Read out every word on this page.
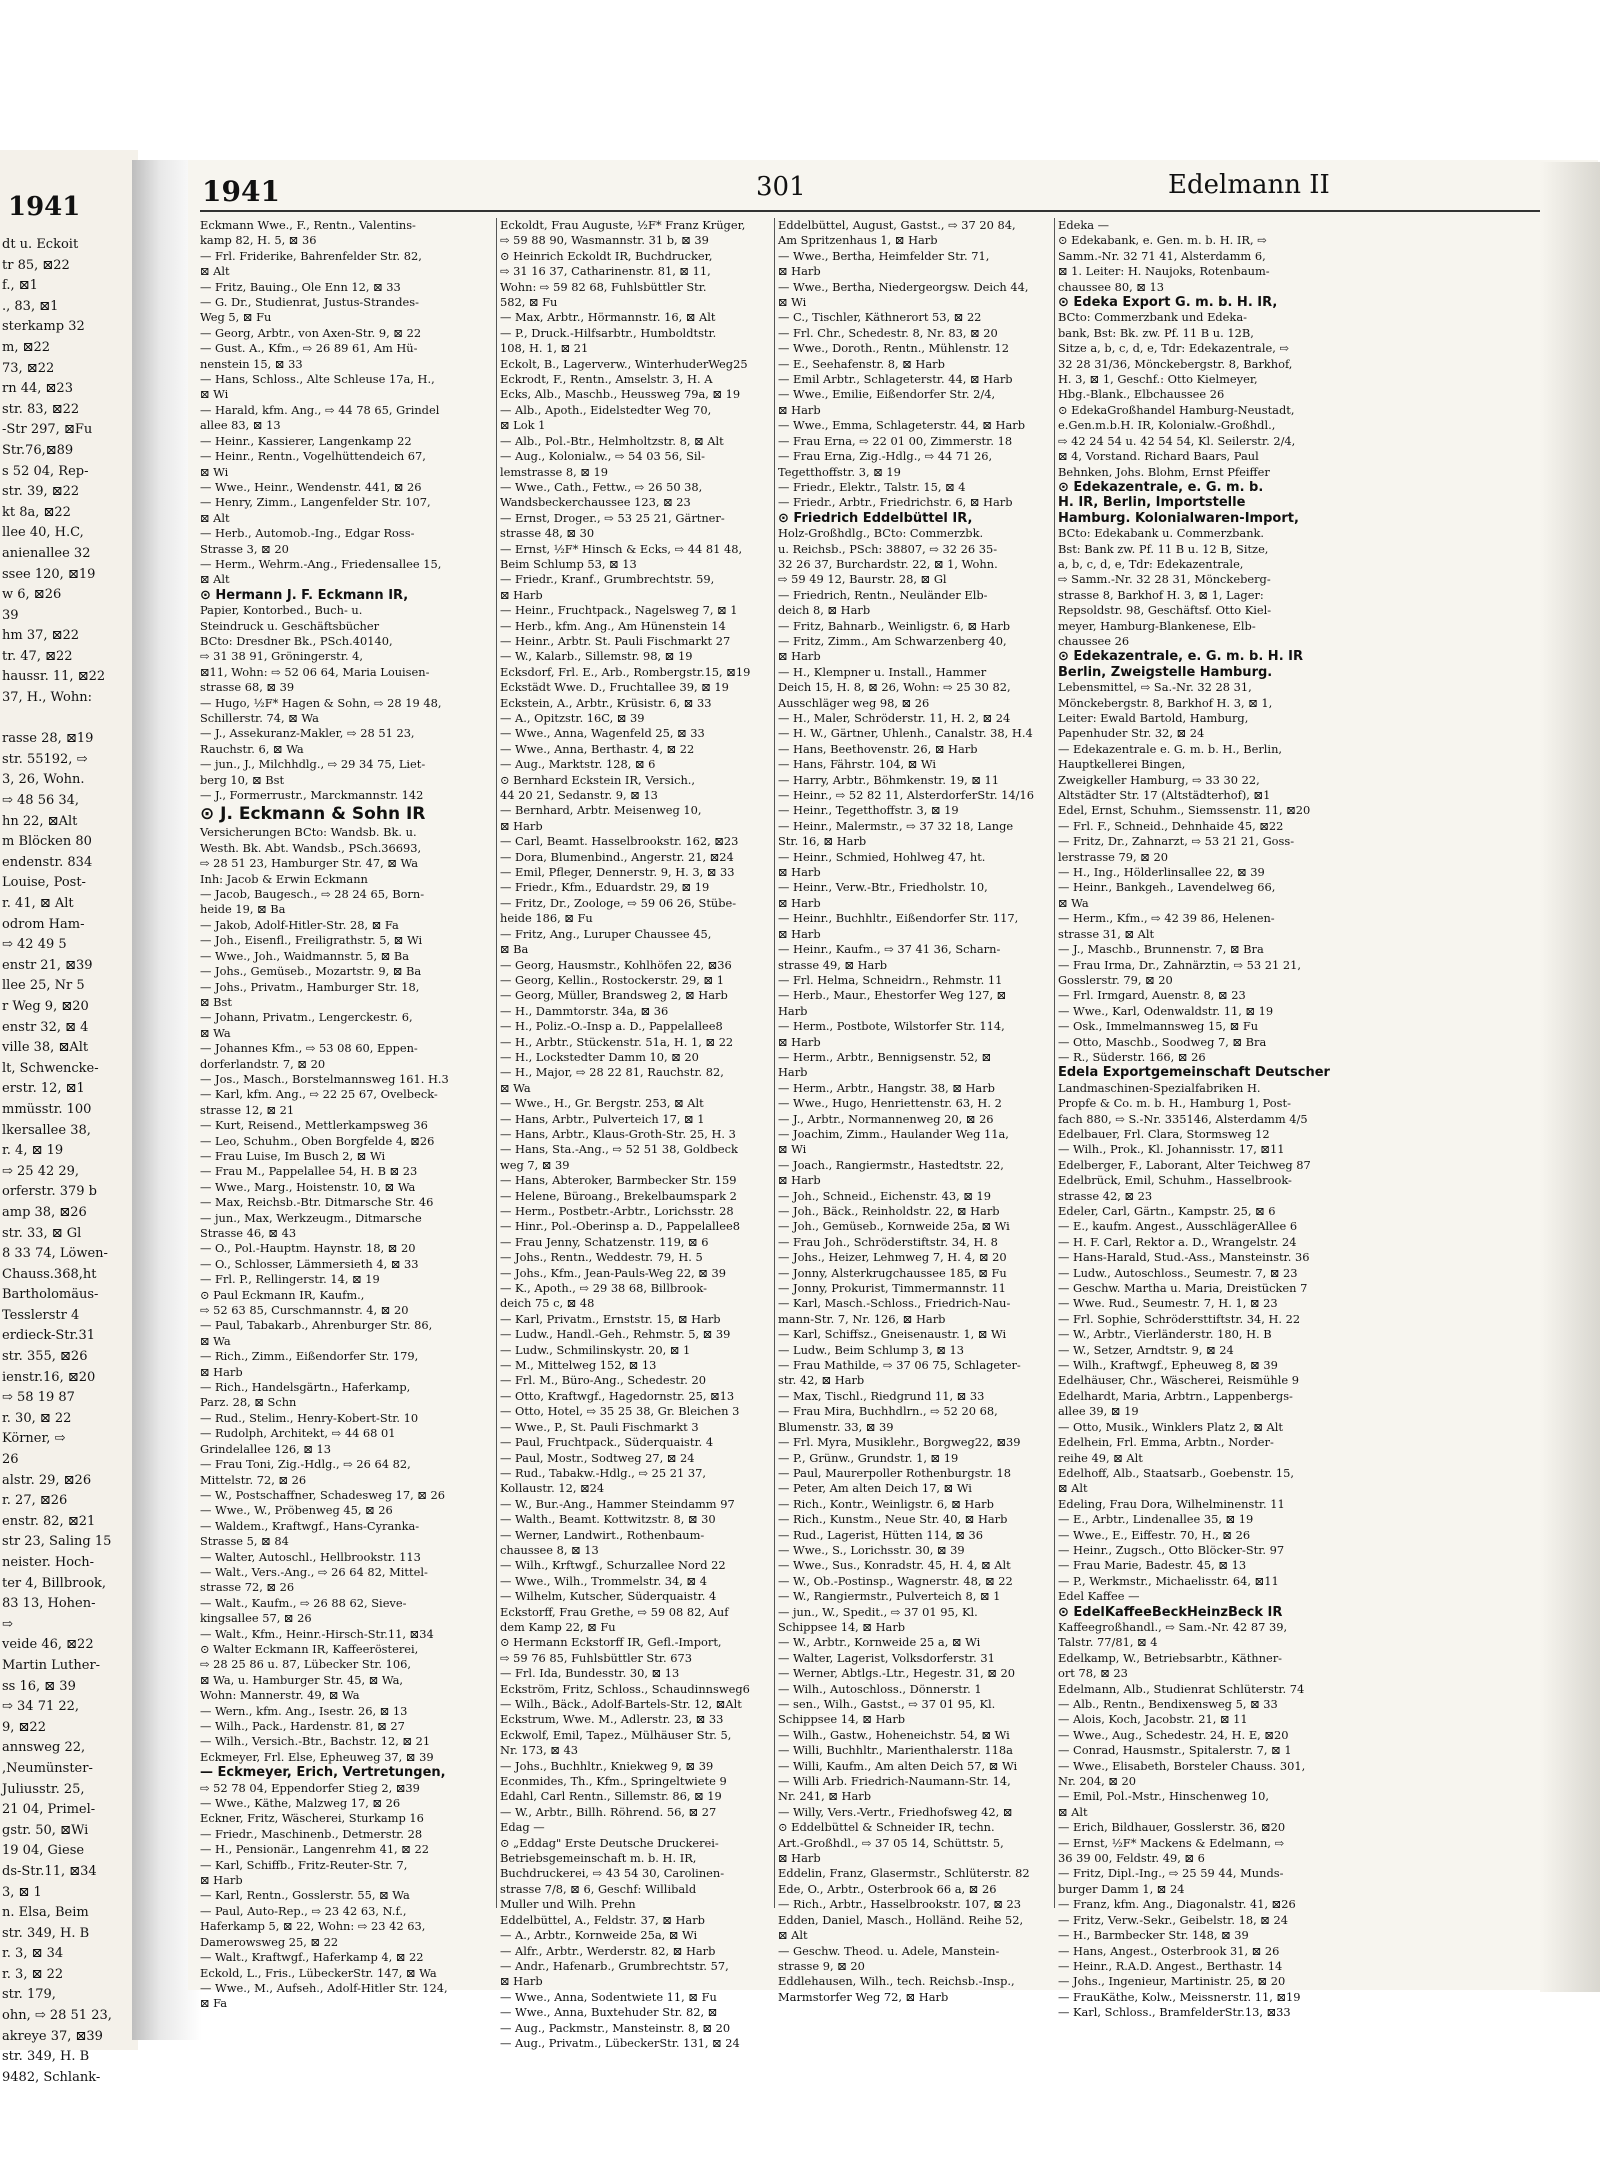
1941
dt u. Eckoit
tr 85, ⊠22
f., ⊠1
., 83, ⊠1
sterkamp 32
m, ⊠22
73, ⊠22
rn 44, ⊠23
str. 83, ⊠22
-Str 297, ⊠Fu
Str.76,⊠89
s 52 04, Rep-
str. 39, ⊠22
kt 8a, ⊠22
llee 40, H.C,
anienallee 32
ssee 120, ⊠19
w 6, ⊠26
39
hm 37, ⊠22
tr. 47, ⊠22
haussr. 11, ⊠22
37, H., Wohn:

rasse 28, ⊠19
str. 55192, ⇨
3, 26, Wohn.
⇨ 48 56 34,
hn 22, ⊠Alt
m Blöcken 80
endenstr. 834
Louise, Post-
r. 41, ⊠ Alt
odrom Ham-
⇨ 42 49 5
enstr 21, ⊠39
llee 25, Nr 5
r Weg 9, ⊠20
enstr 32, ⊠ 4
ville 38, ⊠Alt
lt, Schwencke-
erstr. 12, ⊠1
mmüsstr. 100
lkersallee 38,
r. 4, ⊠ 19
⇨ 25 42 29,
orferstr. 379 b
amp 38, ⊠26
str. 33, ⊠ Gl
8 33 74, Löwen-
Chauss.368,ht
Bartholomäus-
Tesslerstr 4
erdieck-Str.31
str. 355, ⊠26
ienstr.16, ⊠20
⇨ 58 19 87
r. 30, ⊠ 22
Körner, ⇨
26
alstr. 29, ⊠26
r. 27, ⊠26
enstr. 82, ⊠21
str 23, Saling 15
neister. Hoch-
ter 4, Billbrook,
83 13, Hohen-
⇨
veide 46, ⊠22
Martin Luther-
ss 16, ⊠ 39
⇨ 34 71 22,
9, ⊠22
annsweg 22,
,Neumünster-
Juliusstr. 25,
21 04, Primel-
gstr. 50, ⊠Wi
19 04, Giese
ds-Str.11, ⊠34
3, ⊠ 1
n. Elsa, Beim
str. 349, H. B
r. 3, ⊠ 34
r. 3, ⊠ 22
str. 179,
ohn, ⇨ 28 51 23,
akreye 37, ⊠39
str. 349, H. B
9482, Schlank-
1941	301	Edelmann II
Eckmann Wwe., F., Rentn., Valentins-
kamp 82, H. 5, ⊠ 36
— Frl. Friderike, Bahrenfelder Str. 82,
⊠ Alt
— Fritz, Bauing., Ole Enn 12, ⊠ 33
— G. Dr., Studienrat, Justus-Strandes-
Weg 5, ⊠ Fu
— Georg, Arbtr., von Axen-Str. 9, ⊠ 22
— Gust. A., Kfm., ⇨ 26 89 61, Am Hü-
nenstein 15, ⊠ 33
— Hans, Schloss., Alte Schleuse 17a, H.,
⊠ Wi
— Harald, kfm. Ang., ⇨ 44 78 65, Grindel
allee 83, ⊠ 13
— Heinr., Kassierer, Langenkamp 22
— Heinr., Rentn., Vogelhüttendeich 67,
⊠ Wi
— Wwe., Heinr., Wendenstr. 441, ⊠ 26
— Henry, Zimm., Langenfelder Str. 107,
⊠ Alt
— Herb., Automob.-Ing., Edgar Ross-
Strasse 3, ⊠ 20
— Herm., Wehrm.-Ang., Friedensallee 15,
⊠ Alt
⊙ Hermann J. F. Eckmann IR,
Papier, Kontorbed., Buch- u.
Steindruck u. Geschäftsbücher
BCto: Dresdner Bk., PSch.40140,
⇨ 31 38 91, Gröningerstr. 4,
⊠11, Wohn: ⇨ 52 06 64, Maria Louisen-
strasse 68, ⊠ 39
— Hugo, ½F* Hagen & Sohn, ⇨ 28 19 48,
Schillerstr. 74, ⊠ Wa
— J., Assekuranz-Makler, ⇨ 28 51 23,
Rauchstr. 6, ⊠ Wa
— jun., J., Milchhdlg., ⇨ 29 34 75, Liet-
berg 10, ⊠ Bst
— J., Formerrustr., Marckmannstr. 142
⊙ J. Eckmann & Sohn IR
Versicherungen BCto: Wandsb. Bk. u.
Westh. Bk. Abt. Wandsb., PSch.36693,
⇨ 28 51 23, Hamburger Str. 47, ⊠ Wa
Inh: Jacob & Erwin Eckmann
— Jacob, Baugesch., ⇨ 28 24 65, Born-
heide 19, ⊠ Ba
— Jakob, Adolf-Hitler-Str. 28, ⊠ Fa
— Joh., Eisenfl., Freiligrathstr. 5, ⊠ Wi
— Wwe., Joh., Waidmannstr. 5, ⊠ Ba
— Johs., Gemüseb., Mozartstr. 9, ⊠ Ba
— Johs., Privatm., Hamburger Str. 18,
⊠ Bst
— Johann, Privatm., Lengerckestr. 6,
⊠ Wa
— Johannes Kfm., ⇨ 53 08 60, Eppen-
dorferlandstr. 7, ⊠ 20
— Jos., Masch., Borstelmannsweg 161. H.3
— Karl, kfm. Ang., ⇨ 22 25 67, Ovelbeck-
strasse 12, ⊠ 21
— Kurt, Reisend., Mettlerkampsweg 36
— Leo, Schuhm., Oben Borgfelde 4, ⊠26
— Frau Luise, Im Busch 2, ⊠ Wi
— Frau M., Pappelallee 54, H. B ⊠ 23
— Wwe., Marg., Hoistenstr. 10, ⊠ Wa
— Max, Reichsb.-Btr. Ditmarsche Str. 46
— jun., Max, Werkzeugm., Ditmarsche
Strasse 46, ⊠ 43
— O., Pol.-Hauptm. Haynstr. 18, ⊠ 20
— O., Schlosser, Lämmersieth 4, ⊠ 33
— Frl. P., Rellingerstr. 14, ⊠ 19
⊙ Paul Eckmann IR, Kaufm.,
⇨ 52 63 85, Curschmannstr. 4, ⊠ 20
— Paul, Tabakarb., Ahrenburger Str. 86,
⊠ Wa
— Rich., Zimm., Eißendorfer Str. 179,
⊠ Harb
— Rich., Handelsgärtn., Haferkamp,
Parz. 28, ⊠ Schn
— Rud., Stelim., Henry-Kobert-Str. 10
— Rudolph, Architekt, ⇨ 44 68 01
Grindelallee 126, ⊠ 13
— Frau Toni, Zig.-Hdlg., ⇨ 26 64 82,
Mittelstr. 72, ⊠ 26
— W., Postschaffner, Schadesweg 17, ⊠ 26
— Wwe., W., Pröbenweg 45, ⊠ 26
— Waldem., Kraftwgf., Hans-Cyranka-
Strasse 5, ⊠ 84
— Walter, Autoschl., Hellbrookstr. 113
— Walt., Vers.-Ang., ⇨ 26 64 82, Mittel-
strasse 72, ⊠ 26
— Walt., Kaufm., ⇨ 26 88 62, Sieve-
kingsallee 57, ⊠ 26
— Walt., Kfm., Heinr.-Hirsch-Str.11, ⊠34
⊙ Walter Eckmann IR, Kaffeerösterei,
⇨ 28 25 86 u. 87, Lübecker Str. 106,
⊠ Wa, u. Hamburger Str. 45, ⊠ Wa,
Wohn: Mannerstr. 49, ⊠ Wa
— Wern., kfm. Ang., Isestr. 26, ⊠ 13
— Wilh., Pack., Hardenstr. 81, ⊠ 27
— Wilh., Versich.-Btr., Bachstr. 12, ⊠ 21
Eckmeyer, Frl. Else, Epheuweg 37, ⊠ 39
— Eckmeyer, Erich, Vertretungen,
⇨ 52 78 04, Eppendorfer Stieg 2, ⊠39
— Wwe., Käthe, Malzweg 17, ⊠ 26
Eckner, Fritz, Wäscherei, Sturkamp 16
— Friedr., Maschinenb., Detmerstr. 28
— H., Pensionär., Langenrehm 41, ⊠ 22
— Karl, Schiffb., Fritz-Reuter-Str. 7,
⊠ Harb
— Karl, Rentn., Gosslerstr. 55, ⊠ Wa
— Paul, Auto-Rep., ⇨ 23 42 63, N.f.,
Haferkamp 5, ⊠ 22, Wohn: ⇨ 23 42 63,
Damerowsweg 25, ⊠ 22
— Walt., Kraftwgf., Haferkamp 4, ⊠ 22
Eckold, L., Fris., LübeckerStr. 147, ⊠ Wa
— Wwe., M., Aufseh., Adolf-Hitler Str. 124,
⊠ Fa
Eckoldt, Frau Auguste, ½F* Franz Krüger,
⇨ 59 88 90, Wasmannstr. 31 b, ⊠ 39
⊙ Heinrich Eckoldt IR, Buchdrucker,
⇨ 31 16 37, Catharinenstr. 81, ⊠ 11,
Wohn: ⇨ 59 82 68, Fuhlsbüttler Str.
582, ⊠ Fu
— Max, Arbtr., Hörmannstr. 16, ⊠ Alt
— P., Druck.-Hilfsarbtr., Humboldtstr.
108, H. 1, ⊠ 21
Eckolt, B., Lagerverw., WinterhuderWeg25
Eckrodt, F., Rentn., Amselstr. 3, H. A
Ecks, Alb., Maschb., Heussweg 79a, ⊠ 19
— Alb., Apoth., Eidelstedter Weg 70,
⊠ Lok 1
— Alb., Pol.-Btr., Helmholtzstr. 8, ⊠ Alt
— Aug., Kolonialw., ⇨ 54 03 56, Sil-
lemstrasse 8, ⊠ 19
— Wwe., Cath., Fettw., ⇨ 26 50 38,
Wandsbeckerchaussee 123, ⊠ 23
— Ernst, Droger., ⇨ 53 25 21, Gärtner-
strasse 48, ⊠ 30
— Ernst, ½F* Hinsch & Ecks, ⇨ 44 81 48,
Beim Schlump 53, ⊠ 13
— Friedr., Kranf., Grumbrechtstr. 59,
⊠ Harb
— Heinr., Fruchtpack., Nagelsweg 7, ⊠ 1
— Herb., kfm. Ang., Am Hünenstein 14
— Heinr., Arbtr. St. Pauli Fischmarkt 27
— W., Kalarb., Sillemstr. 98, ⊠ 19
Ecksdorf, Frl. E., Arb., Rombergstr.15, ⊠19
Eckstädt Wwe. D., Fruchtallee 39, ⊠ 19
Eckstein, A., Arbtr., Krüsistr. 6, ⊠ 33
— A., Opitzstr. 16C, ⊠ 39
— Wwe., Anna, Wagenfeld 25, ⊠ 33
— Wwe., Anna, Berthastr. 4, ⊠ 22
— Aug., Marktstr. 128, ⊠ 6
⊙ Bernhard Eckstein IR, Versich.,
44 20 21, Sedanstr. 9, ⊠ 13
— Bernhard, Arbtr. Meisenweg 10,
⊠ Harb
— Carl, Beamt. Hasselbrookstr. 162, ⊠23
— Dora, Blumenbind., Angerstr. 21, ⊠24
— Emil, Pfleger, Dennerstr. 9, H. 3, ⊠ 33
— Friedr., Kfm., Eduardstr. 29, ⊠ 19
— Fritz, Dr., Zoologe, ⇨ 59 06 26, Stübe-
heide 186, ⊠ Fu
— Fritz, Ang., Luruper Chaussee 45,
⊠ Ba
— Georg, Hausmstr., Kohlhöfen 22, ⊠36
— Georg, Kellin., Rostockerstr. 29, ⊠ 1
— Georg, Müller, Brandsweg 2, ⊠ Harb
— H., Dammtorstr. 34a, ⊠ 36
— H., Poliz.-O.-Insp a. D., Pappelallee8
— H., Arbtr., Stückenstr. 51a, H. 1, ⊠ 22
— H., Lockstedter Damm 10, ⊠ 20
— H., Major, ⇨ 28 22 81, Rauchstr. 82,
⊠ Wa
— Wwe., H., Gr. Bergstr. 253, ⊠ Alt
— Hans, Arbtr., Pulverteich 17, ⊠ 1
— Hans, Arbtr., Klaus-Groth-Str. 25, H. 3
— Hans, Sta.-Ang., ⇨ 52 51 38, Goldbeck
weg 7, ⊠ 39
— Hans, Abteroker, Barmbecker Str. 159
— Helene, Büroang., Brekelbaumspark 2
— Herm., Postbetr.-Arbtr., Lorichsstr. 28
— Hinr., Pol.-Oberinsp a. D., Pappelallee8
— Frau Jenny, Schatzenstr. 119, ⊠ 6
— Johs., Rentn., Weddestr. 79, H. 5
— Johs., Kfm., Jean-Pauls-Weg 22, ⊠ 39
— K., Apoth., ⇨ 29 38 68, Billbrook-
deich 75 c, ⊠ 48
— Karl, Privatm., Ernststr. 15, ⊠ Harb
— Ludw., Handl.-Geh., Rehmstr. 5, ⊠ 39
— Ludw., Schmilinskystr. 20, ⊠ 1
— M., Mittelweg 152, ⊠ 13
— Frl. M., Büro-Ang., Schedestr. 20
— Otto, Kraftwgf., Hagedornstr. 25, ⊠13
— Otto, Hotel, ⇨ 35 25 38, Gr. Bleichen 3
— Wwe., P., St. Pauli Fischmarkt 3
— Paul, Fruchtpack., Süderquaistr. 4
— Paul, Mostr., Sodtweg 27, ⊠ 24
— Rud., Tabakw.-Hdlg., ⇨ 25 21 37,
Kollaustr. 12, ⊠24
— W., Bur.-Ang., Hammer Steindamm 97
— Walth., Beamt. Kottwitzstr. 8, ⊠ 30
— Werner, Landwirt., Rothenbaum-
chaussee 8, ⊠ 13
— Wilh., Krftwgf., Schurzallee Nord 22
— Wwe., Wilh., Trommelstr. 34, ⊠ 4
— Wilhelm, Kutscher, Süderquaistr. 4
Eckstorff, Frau Grethe, ⇨ 59 08 82, Auf
dem Kamp 22, ⊠ Fu
⊙ Hermann Eckstorff IR, Gefl.-Import,
⇨ 59 76 85, Fuhlsbüttler Str. 673
— Frl. Ida, Bundesstr. 30, ⊠ 13
Eckström, Fritz, Schloss., Schaudinnsweg6
— Wilh., Bäck., Adolf-Bartels-Str. 12, ⊠Alt
Eckstrum, Wwe. M., Adlerstr. 23, ⊠ 33
Eckwolf, Emil, Tapez., Mülhäuser Str. 5,
Nr. 173, ⊠ 43
— Johs., Buchhltr., Kniekweg 9, ⊠ 39
Econmides, Th., Kfm., Springeltwiete 9
Edahl, Carl Rentn., Sillemstr. 86, ⊠ 19
— W., Arbtr., Billh. Röhrend. 56, ⊠ 27
Edag —
⊙ „Eddag" Erste Deutsche Druckerei-
Betriebsgemeinschaft m. b. H. IR,
Buchdruckerei, ⇨ 43 54 30, Carolinen-
strasse 7/8, ⊠ 6, Geschf: Willibald
Muller und Wilh. Prehn
Eddelbüttel, A., Feldstr. 37, ⊠ Harb
— A., Arbtr., Kornweide 25a, ⊠ Wi
— Alfr., Arbtr., Werderstr. 82, ⊠ Harb
— Andr., Hafenarb., Grumbrechtstr. 57,
⊠ Harb
— Wwe., Anna, Sodentwiete 11, ⊠ Fu
— Wwe., Anna, Buxtehuder Str. 82, ⊠
— Aug., Packmstr., Mansteinstr. 8, ⊠ 20
— Aug., Privatm., LübeckerStr. 131, ⊠ 24
Eddelbüttel, August, Gastst., ⇨ 37 20 84,
Am Spritzenhaus 1, ⊠ Harb
— Wwe., Bertha, Heimfelder Str. 71,
⊠ Harb
— Wwe., Bertha, Niedergeorgsw. Deich 44,
⊠ Wi
— C., Tischler, Käthnerort 53, ⊠ 22
— Frl. Chr., Schedestr. 8, Nr. 83, ⊠ 20
— Wwe., Doroth., Rentn., Mühlenstr. 12
— E., Seehafenstr. 8, ⊠ Harb
— Emil Arbtr., Schlageterstr. 44, ⊠ Harb
— Wwe., Emilie, Eißendorfer Str. 2/4,
⊠ Harb
— Wwe., Emma, Schlageterstr. 44, ⊠ Harb
— Frau Erna, ⇨ 22 01 00, Zimmerstr. 18
— Frau Erna, Zig.-Hdlg., ⇨ 44 71 26,
Tegetthoffstr. 3, ⊠ 19
— Friedr., Elektr., Talstr. 15, ⊠ 4
— Friedr., Arbtr., Friedrichstr. 6, ⊠ Harb
⊙ Friedrich Eddelbüttel IR,
Holz-Großhdlg., BCto: Commerzbk.
u. Reichsb., PSch: 38807, ⇨ 32 26 35-
32 26 37, Burchardstr. 22, ⊠ 1, Wohn.
⇨ 59 49 12, Baurstr. 28, ⊠ Gl
— Friedrich, Rentn., Neuländer Elb-
deich 8, ⊠ Harb
— Fritz, Bahnarb., Weinligstr. 6, ⊠ Harb
— Fritz, Zimm., Am Schwarzenberg 40,
⊠ Harb
— H., Klempner u. Install., Hammer
Deich 15, H. 8, ⊠ 26, Wohn: ⇨ 25 30 82,
Ausschläger weg 98, ⊠ 26
— H., Maler, Schröderstr. 11, H. 2, ⊠ 24
— H. W., Gärtner, Uhlenh., Canalstr. 38, H.4
— Hans, Beethovenstr. 26, ⊠ Harb
— Hans, Fährstr. 104, ⊠ Wi
— Harry, Arbtr., Böhmkenstr. 19, ⊠ 11
— Heinr., ⇨ 52 82 11, AlsterdorferStr. 14/16
— Heinr., Tegetthoffstr. 3, ⊠ 19
— Heinr., Malermstr., ⇨ 37 32 18, Lange
Str. 16, ⊠ Harb
— Heinr., Schmied, Hohlweg 47, ht.
⊠ Harb
— Heinr., Verw.-Btr., Friedholstr. 10,
⊠ Harb
— Heinr., Buchhltr., Eißendorfer Str. 117,
⊠ Harb
— Heinr., Kaufm., ⇨ 37 41 36, Scharn-
strasse 49, ⊠ Harb
— Frl. Helma, Schneidrn., Rehmstr. 11
— Herb., Maur., Ehestorfer Weg 127, ⊠
Harb
— Herm., Postbote, Wilstorfer Str. 114,
⊠ Harb
— Herm., Arbtr., Bennigsenstr. 52, ⊠
Harb
— Herm., Arbtr., Hangstr. 38, ⊠ Harb
— Wwe., Hugo, Henriettenstr. 63, H. 2
— J., Arbtr., Normannenweg 20, ⊠ 26
— Joachim, Zimm., Haulander Weg 11a,
⊠ Wi
— Joach., Rangiermstr., Hastedtstr. 22,
⊠ Harb
— Joh., Schneid., Eichenstr. 43, ⊠ 19
— Joh., Bäck., Reinholdstr. 22, ⊠ Harb
— Joh., Gemüseb., Kornweide 25a, ⊠ Wi
— Frau Joh., Schröderstiftstr. 34, H. 8
— Johs., Heizer, Lehmweg 7, H. 4, ⊠ 20
— Jonny, Alsterkrugchaussee 185, ⊠ Fu
— Jonny, Prokurist, Timmermannstr. 11
— Karl, Masch.-Schloss., Friedrich-Nau-
mann-Str. 7, Nr. 126, ⊠ Harb
— Karl, Schiffsz., Gneisenaustr. 1, ⊠ Wi
— Ludw., Beim Schlump 3, ⊠ 13
— Frau Mathilde, ⇨ 37 06 75, Schlageter-
str. 42, ⊠ Harb
— Max, Tischl., Riedgrund 11, ⊠ 33
— Frau Mira, Buchhdlrn., ⇨ 52 20 68,
Blumenstr. 33, ⊠ 39
— Frl. Myra, Musiklehr., Borgweg22, ⊠39
— P., Grünw., Grundstr. 1, ⊠ 19
— Paul, Maurerpoller Rothenburgstr. 18
— Peter, Am alten Deich 17, ⊠ Wi
— Rich., Kontr., Weinligstr. 6, ⊠ Harb
— Rich., Kunstm., Neue Str. 40, ⊠ Harb
— Rud., Lagerist, Hütten 114, ⊠ 36
— Wwe., S., Lorichsstr. 30, ⊠ 39
— Wwe., Sus., Konradstr. 45, H. 4, ⊠ Alt
— W., Ob.-Postinsp., Wagnerstr. 48, ⊠ 22
— W., Rangiermstr., Pulverteich 8, ⊠ 1
— jun., W., Spedit., ⇨ 37 01 95, Kl.
Schippsee 14, ⊠ Harb
— W., Arbtr., Kornweide 25 a, ⊠ Wi
— Walter, Lagerist, Volksdorferstr. 31
— Werner, Abtlgs.-Ltr., Hegestr. 31, ⊠ 20
— Wilh., Autoschloss., Dönnerstr. 1
— sen., Wilh., Gastst., ⇨ 37 01 95, Kl.
Schippsee 14, ⊠ Harb
— Wilh., Gastw., Hoheneichstr. 54, ⊠ Wi
— Willi, Buchhltr., Marienthalerstr. 118a
— Willi, Kaufm., Am alten Deich 57, ⊠ Wi
— Willi Arb. Friedrich-Naumann-Str. 14,
Nr. 241, ⊠ Harb
— Willy, Vers.-Vertr., Friedhofsweg 42, ⊠
⊙ Eddelbüttel & Schneider IR, techn.
Art.-Großhdl., ⇨ 37 05 14, Schüttstr. 5,
⊠ Harb
Eddelin, Franz, Glasermstr., Schlüterstr. 82
Ede, O., Arbtr., Osterbrook 66 a, ⊠ 26
— Rich., Arbtr., Hasselbrookstr. 107, ⊠ 23
Edden, Daniel, Masch., Holländ. Reihe 52,
⊠ Alt
— Geschw. Theod. u. Adele, Manstein-
strasse 9, ⊠ 20
Eddlehausen, Wilh., tech. Reichsb.-Insp.,
Marmstorfer Weg 72, ⊠ Harb
Edeka —
⊙ Edekabank, e. Gen. m. b. H. IR, ⇨
Samm.-Nr. 32 71 41, Alsterdamm 6,
⊠ 1. Leiter: H. Naujoks, Rotenbaum-
chaussee 80, ⊠ 13
⊙ Edeka Export G. m. b. H. IR,
BCto: Commerzbank und Edeka-
bank, Bst: Bk. zw. Pf. 11 B u. 12B,
Sitze a, b, c, d, e, Tdr: Edekazentrale, ⇨
32 28 31/36, Mönckebergstr. 8, Barkhof,
H. 3, ⊠ 1, Geschf.: Otto Kielmeyer,
Hbg.-Blank., Elbchaussee 26
⊙ EdekaGroßhandel Hamburg-Neustadt,
e.Gen.m.b.H. IR, Kolonialw.-Großhdl.,
⇨ 42 24 54 u. 42 54 54, Kl. Seilerstr. 2/4,
⊠ 4, Vorstand. Richard Baars, Paul
Behnken, Johs. Blohm, Ernst Pfeiffer
⊙ Edekazentrale, e. G. m. b.
H. IR, Berlin, Importstelle
Hamburg. Kolonialwaren-Import,
BCto: Edekabank u. Commerzbank.
Bst: Bank zw. Pf. 11 B u. 12 B, Sitze,
a, b, c, d, e, Tdr: Edekazentrale,
⇨ Samm.-Nr. 32 28 31, Mönckeberg-
strasse 8, Barkhof H. 3, ⊠ 1, Lager:
Repsoldstr. 98, Geschäftsf. Otto Kiel-
meyer, Hamburg-Blankenese, Elb-
chaussee 26
⊙ Edekazentrale, e. G. m. b. H. IR
Berlin, Zweigstelle Hamburg.
Lebensmittel, ⇨ Sa.-Nr. 32 28 31,
Mönckebergstr. 8, Barkhof H. 3, ⊠ 1,
Leiter: Ewald Bartold, Hamburg,
Papenhuder Str. 32, ⊠ 24
— Edekazentrale e. G. m. b. H., Berlin,
Hauptkellerei Bingen,
Zweigkeller Hamburg, ⇨ 33 30 22,
Altstädter Str. 17 (Altstädterhof), ⊠1
Edel, Ernst, Schuhm., Siemssenstr. 11, ⊠20
— Frl. F., Schneid., Dehnhaide 45, ⊠22
— Fritz, Dr., Zahnarzt, ⇨ 53 21 21, Goss-
lerstrasse 79, ⊠ 20
— H., Ing., Hölderlinsallee 22, ⊠ 39
— Heinr., Bankgeh., Lavendelweg 66,
⊠ Wa
— Herm., Kfm., ⇨ 42 39 86, Helenen-
strasse 31, ⊠ Alt
— J., Maschb., Brunnenstr. 7, ⊠ Bra
— Frau Irma, Dr., Zahnärztin, ⇨ 53 21 21,
Gosslerstr. 79, ⊠ 20
— Frl. Irmgard, Auenstr. 8, ⊠ 23
— Wwe., Karl, Odenwaldstr. 11, ⊠ 19
— Osk., Immelmannsweg 15, ⊠ Fu
— Otto, Maschb., Soodweg 7, ⊠ Bra
— R., Süderstr. 166, ⊠ 26
Edela Exportgemeinschaft Deutscher
Landmaschinen-Spezialfabriken H.
Propfe & Co. m. b. H., Hamburg 1, Post-
fach 880, ⇨ S.-Nr. 335146, Alsterdamm 4/5
Edelbauer, Frl. Clara, Stormsweg 12
— Wilh., Prok., Kl. Johannisstr. 17, ⊠11
Edelberger, F., Laborant, Alter Teichweg 87
Edelbrück, Emil, Schuhm., Hasselbrook-
strasse 42, ⊠ 23
Edeler, Carl, Gärtn., Kampstr. 25, ⊠ 6
— E., kaufm. Angest., AusschlägerAllee 6
— H. F. Carl, Rektor a. D., Wrangelstr. 24
— Hans-Harald, Stud.-Ass., Mansteinstr. 36
— Ludw., Autoschloss., Seumestr. 7, ⊠ 23
— Geschw. Martha u. Maria, Dreistücken 7
— Wwe. Rud., Seumestr. 7, H. 1, ⊠ 23
— Frl. Sophie, Schrödersttiftstr. 34, H. 22
— W., Arbtr., Vierländerstr. 180, H. B
— W., Setzer, Arndtstr. 9, ⊠ 24
— Wilh., Kraftwgf., Epheuweg 8, ⊠ 39
Edelhäuser, Chr., Wäscherei, Reismühle 9
Edelhardt, Maria, Arbtrn., Lappenbergs-
allee 39, ⊠ 19
— Otto, Musik., Winklers Platz 2, ⊠ Alt
Edelhein, Frl. Emma, Arbtn., Norder-
reihe 49, ⊠ Alt
Edelhoff, Alb., Staatsarb., Goebenstr. 15,
⊠ Alt
Edeling, Frau Dora, Wilhelminenstr. 11
— E., Arbtr., Lindenallee 35, ⊠ 19
— Wwe., E., Eiffestr. 70, H., ⊠ 26
— Heinr., Zugsch., Otto Blöcker-Str. 97
— Frau Marie, Badestr. 45, ⊠ 13
— P., Werkmstr., Michaelisstr. 64, ⊠11
Edel Kaffee —
⊙ EdelKaffeeBeckHeinzBeck IR
Kaffeegroßhandl., ⇨ Sam.-Nr. 42 87 39,
Talstr. 77/81, ⊠ 4
Edelkamp, W., Betriebsarbtr., Käthner-
ort 78, ⊠ 23
Edelmann, Alb., Studienrat Schlüterstr. 74
— Alb., Rentn., Bendixensweg 5, ⊠ 33
— Alois, Koch, Jacobstr. 21, ⊠ 11
— Wwe., Aug., Schedestr. 24, H. E, ⊠20
— Conrad, Hausmstr., Spitalerstr. 7, ⊠ 1
— Wwe., Elisabeth, Borsteler Chauss. 301,
Nr. 204, ⊠ 20
— Emil, Pol.-Mstr., Hinschenweg 10,
⊠ Alt
— Erich, Bildhauer, Gosslerstr. 36, ⊠20
— Ernst, ½F* Mackens & Edelmann, ⇨
36 39 00, Feldstr. 49, ⊠ 6
— Fritz, Dipl.-Ing., ⇨ 25 59 44, Munds-
burger Damm 1, ⊠ 24
— Franz, kfm. Ang., Diagonalstr. 41, ⊠26
— Fritz, Verw.-Sekr., Geibelstr. 18, ⊠ 24
— H., Barmbecker Str. 148, ⊠ 39
— Hans, Angest., Osterbrook 31, ⊠ 26
— Heinr., R.A.D. Angest., Berthastr. 14
— Johs., Ingenieur, Martinistr. 25, ⊠ 20
— FrauKäthe, Kolw., Meissnerstr. 11, ⊠19
— Karl, Schloss., BramfelderStr.13, ⊠33
